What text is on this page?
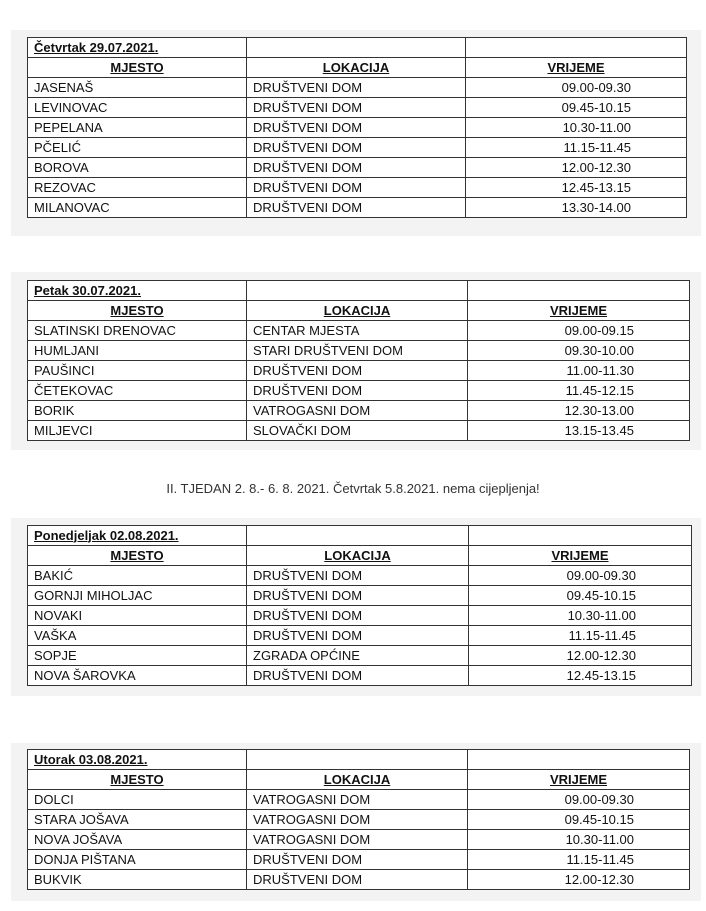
Četvrtak 29.07.2021.		
MJESTO	LOKACIJA	VRIJEME
JASENAŠ	DRUŠTVENI DOM	09.00-09.30
LEVINOVAC	DRUŠTVENI DOM	09.45-10.15
PEPELANA	DRUŠTVENI DOM	10.30-11.00
PČELIĆ	DRUŠTVENI DOM	11.15-11.45
BOROVA	DRUŠTVENI DOM	12.00-12.30
REZOVAC	DRUŠTVENI DOM	12.45-13.15
MILANOVAC	DRUŠTVENI DOM	13.30-14.00
Petak 30.07.2021.		
MJESTO	LOKACIJA	VRIJEME
SLATINSKI DRENOVAC	CENTAR MJESTA	09.00-09.15
HUMLJANI	STARI DRUŠTVENI DOM	09.30-10.00
PAUŠINCI	DRUŠTVENI DOM	11.00-11.30
ČETEKOVAC	DRUŠTVENI DOM	11.45-12.15
BORIK	VATROGASNI DOM	12.30-13.00
MILJEVCI	SLOVAČKI DOM	13.15-13.45
Ponedjeljak 02.08.2021.		
MJESTO	LOKACIJA	VRIJEME
BAKIĆ	DRUŠTVENI DOM	09.00-09.30
GORNJI MIHOLJAC	DRUŠTVENI DOM	09.45-10.15
NOVAKI	DRUŠTVENI DOM	10.30-11.00
VAŠKA	DRUŠTVENI DOM	11.15-11.45
SOPJE	ZGRADA OPĆINE	12.00-12.30
NOVA ŠAROVKA	DRUŠTVENI DOM	12.45-13.15
Utorak 03.08.2021.		
MJESTO	LOKACIJA	VRIJEME
DOLCI	VATROGASNI DOM	09.00-09.30
STARA JOŠAVA	VATROGASNI DOM	09.45-10.15
NOVA JOŠAVA	VATROGASNI DOM	10.30-11.00
DONJA PIŠTANA	DRUŠTVENI DOM	11.15-11.45
BUKVIK	DRUŠTVENI DOM	12.00-12.30
II. TJEDAN 2. 8.- 6. 8. 2021. Četvrtak 5.8.2021. nema cijepljenja!
